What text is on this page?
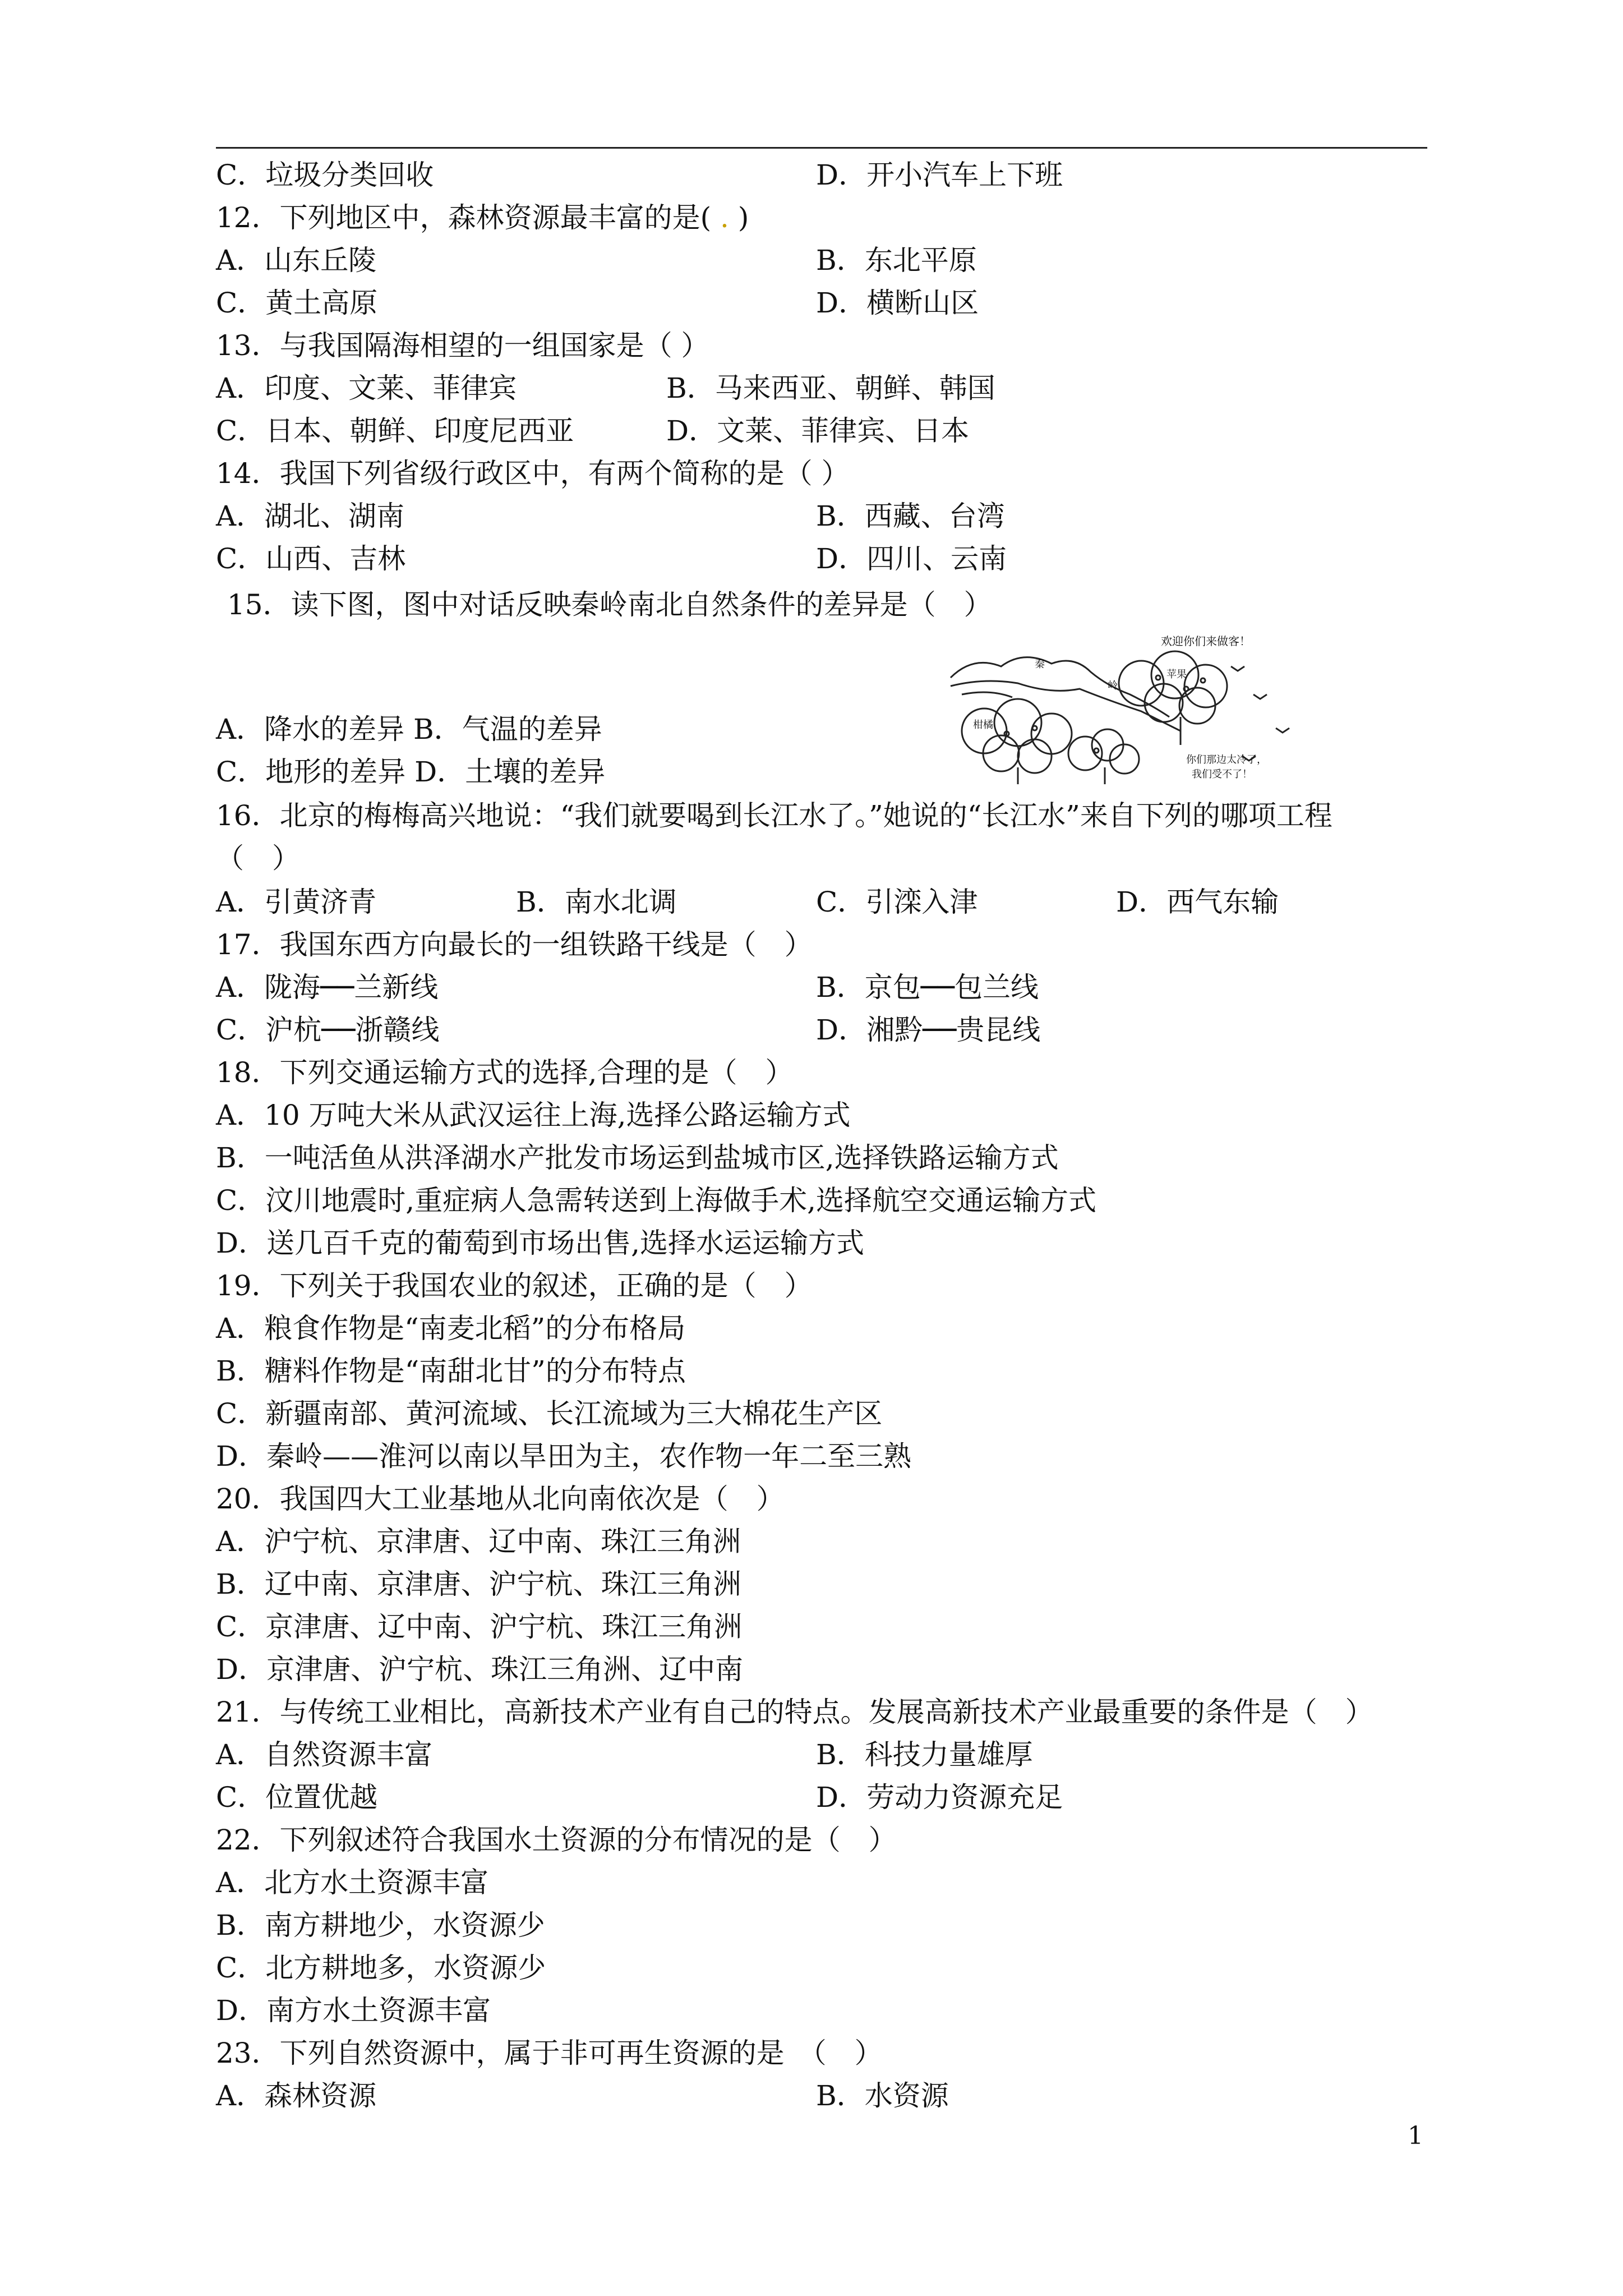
C．垃圾分类回收	D．开小汽车上下班
12．下列地区中，森林资源最丰富的是( . )
A．山东丘陵	B．东北平原
C．黄土高原	D．横断山区
13．与我国隔海相望的一组国家是（ ）
A．印度、文莱、菲律宾	B．马来西亚、朝鲜、韩国
C．日本、朝鲜、印度尼西亚	D．文莱、菲律宾、日本
14．我国下列省级行政区中，有两个简称的是（ ）
A．湖北、湖南	B．西藏、台湾
C．山西、吉林	D．四川、云南
15．读下图，图中对话反映秦岭南北自然条件的差异是（　）
A．降水的差异 B．气温的差异
C．地形的差异 D．土壤的差异
欢迎你们来做客！
苹果
秦
岭
柑橘
你们那边太冷了，
我们受不了！
16．北京的梅梅高兴地说：“我们就要喝到长江水了。”她说的“长江水”来自下列的哪项工程
（　）
A．引黄济青	B．南水北调	C．引滦入津	D．西气东输
17．我国东西方向最长的一组铁路干线是（　）
A．陇海──兰新线	B．京包──包兰线
C．沪杭──浙赣线	D．湘黔──贵昆线
18．下列交通运输方式的选择,合理的是（　）
A．10 万吨大米从武汉运往上海,选择公路运输方式
B．一吨活鱼从洪泽湖水产批发市场运到盐城市区,选择铁路运输方式
C．汶川地震时,重症病人急需转送到上海做手术,选择航空交通运输方式
D．送几百千克的葡萄到市场出售,选择水运运输方式
19．下列关于我国农业的叙述，正确的是（　）
A．粮食作物是“南麦北稻”的分布格局
B．糖料作物是“南甜北甘”的分布特点
C．新疆南部、黄河流域、长江流域为三大棉花生产区
D．秦岭——淮河以南以旱田为主，农作物一年二至三熟
20．我国四大工业基地从北向南依次是（　）
A．沪宁杭、京津唐、辽中南、珠江三角洲
B．辽中南、京津唐、沪宁杭、珠江三角洲
C．京津唐、辽中南、沪宁杭、珠江三角洲
D．京津唐、沪宁杭、珠江三角洲、辽中南
21．与传统工业相比，高新技术产业有自己的特点。发展高新技术产业最重要的条件是（　）
A．自然资源丰富	B．科技力量雄厚
C．位置优越	D．劳动力资源充足
22．下列叙述符合我国水土资源的分布情况的是（　）
A．北方水土资源丰富
B．南方耕地少，水资源少
C．北方耕地多，水资源少
D．南方水土资源丰富
23．下列自然资源中，属于非可再生资源的是　（　）
A．森林资源	B．水资源
1
